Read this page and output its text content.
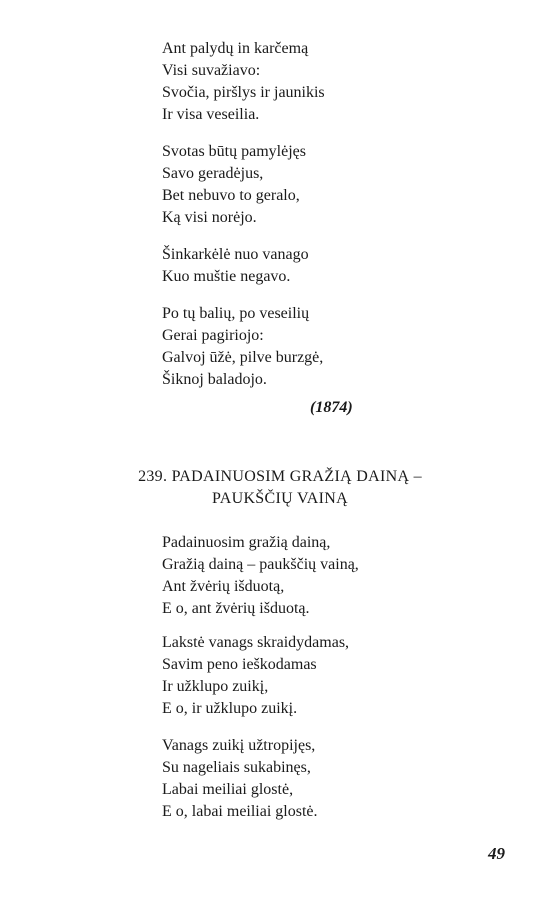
Ant palydų in karčemą
Visi suvažiavo:
Svočia, piršlys ir jaunikis
Ir visa veseilia.
Svotas būtų pamylėjęs
Savo geradėjus,
Bet nebuvo to geralo,
Ką visi norėjo.
Šinkarkėlė nuo vanago
Kuo muštie negavo.
Po tų balių, po veseilių
Gerai pagiriojo:
Galvoj ūžė, pilve burzgė,
Šiknoj baladojo.
(1874)
239. PADAINUOSIM GRAŽIĄ DAINĄ –
PAUKŠČIŲ VAINĄ
Padainuosim gražią dainą,
Gražią dainą – paukščių vainą,
Ant žvėrių išduotą,
E o, ant žvėrių išduotą.
Lakstė vanags skraidydamas,
Savim peno ieškodamas
Ir užklupo zuikį,
E o, ir užklupo zuikį.
Vanags zuikį užtropijęs,
Su nageliais sukabinęs,
Labai meiliai glostė,
E o, labai meiliai glostė.
49
